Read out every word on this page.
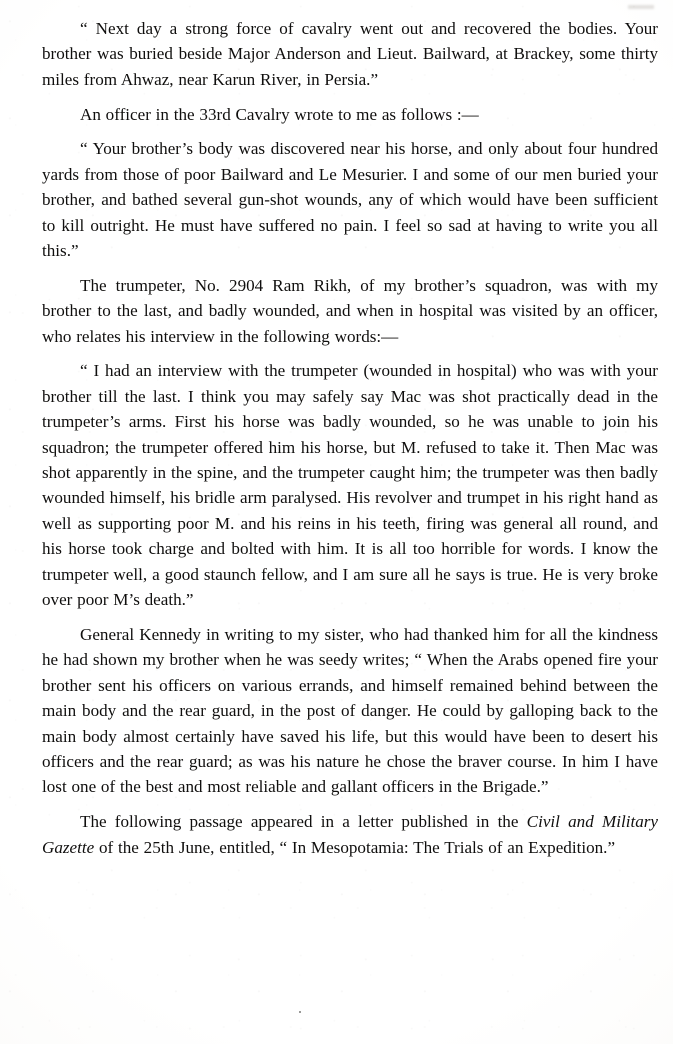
“ Next day a strong force of cavalry went out and recovered the bodies. Your brother was buried beside Major Anderson and Lieut. Bailward, at Brackey, some thirty miles from Ahwaz, near Karun River, in Persia.”

An officer in the 33rd Cavalry wrote to me as follows :—

“ Your brother’s body was discovered near his horse, and only about four hundred yards from those of poor Bailward and Le Mesurier. I and some of our men buried your brother, and bathed several gun-shot wounds, any of which would have been sufficient to kill outright. He must have suffered no pain. I feel so sad at having to write you all this.”

The trumpeter, No. 2904 Ram Rikh, of my brother’s squadron, was with my brother to the last, and badly wounded, and when in hospital was visited by an officer, who relates his interview in the following words:—

“ I had an interview with the trumpeter (wounded in hospital) who was with your brother till the last. I think you may safely say Mac was shot practically dead in the trumpeter’s arms. First his horse was badly wounded, so he was unable to join his squadron; the trumpeter offered him his horse, but M. refused to take it. Then Mac was shot apparently in the spine, and the trumpeter caught him; the trumpeter was then badly wounded himself, his bridle arm paralysed. His revolver and trumpet in his right hand as well as supporting poor M. and his reins in his teeth, firing was general all round, and his horse took charge and bolted with him. It is all too horrible for words. I know the trumpeter well, a good staunch fellow, and I am sure all he says is true. He is very broke over poor M’s death.”

General Kennedy in writing to my sister, who had thanked him for all the kindness he had shown my brother when he was seedy writes; “ When the Arabs opened fire your brother sent his officers on various errands, and himself remained behind between the main body and the rear guard, in the post of danger. He could by galloping back to the main body almost certainly have saved his life, but this would have been to desert his officers and the rear guard; as was his nature he chose the braver course. In him I have lost one of the best and most reliable and gallant officers in the Brigade.”

The following passage appeared in a letter published in the Civil and Military Gazette of the 25th June, entitled, “ In Mesopotamia: The Trials of an Expedition.”
